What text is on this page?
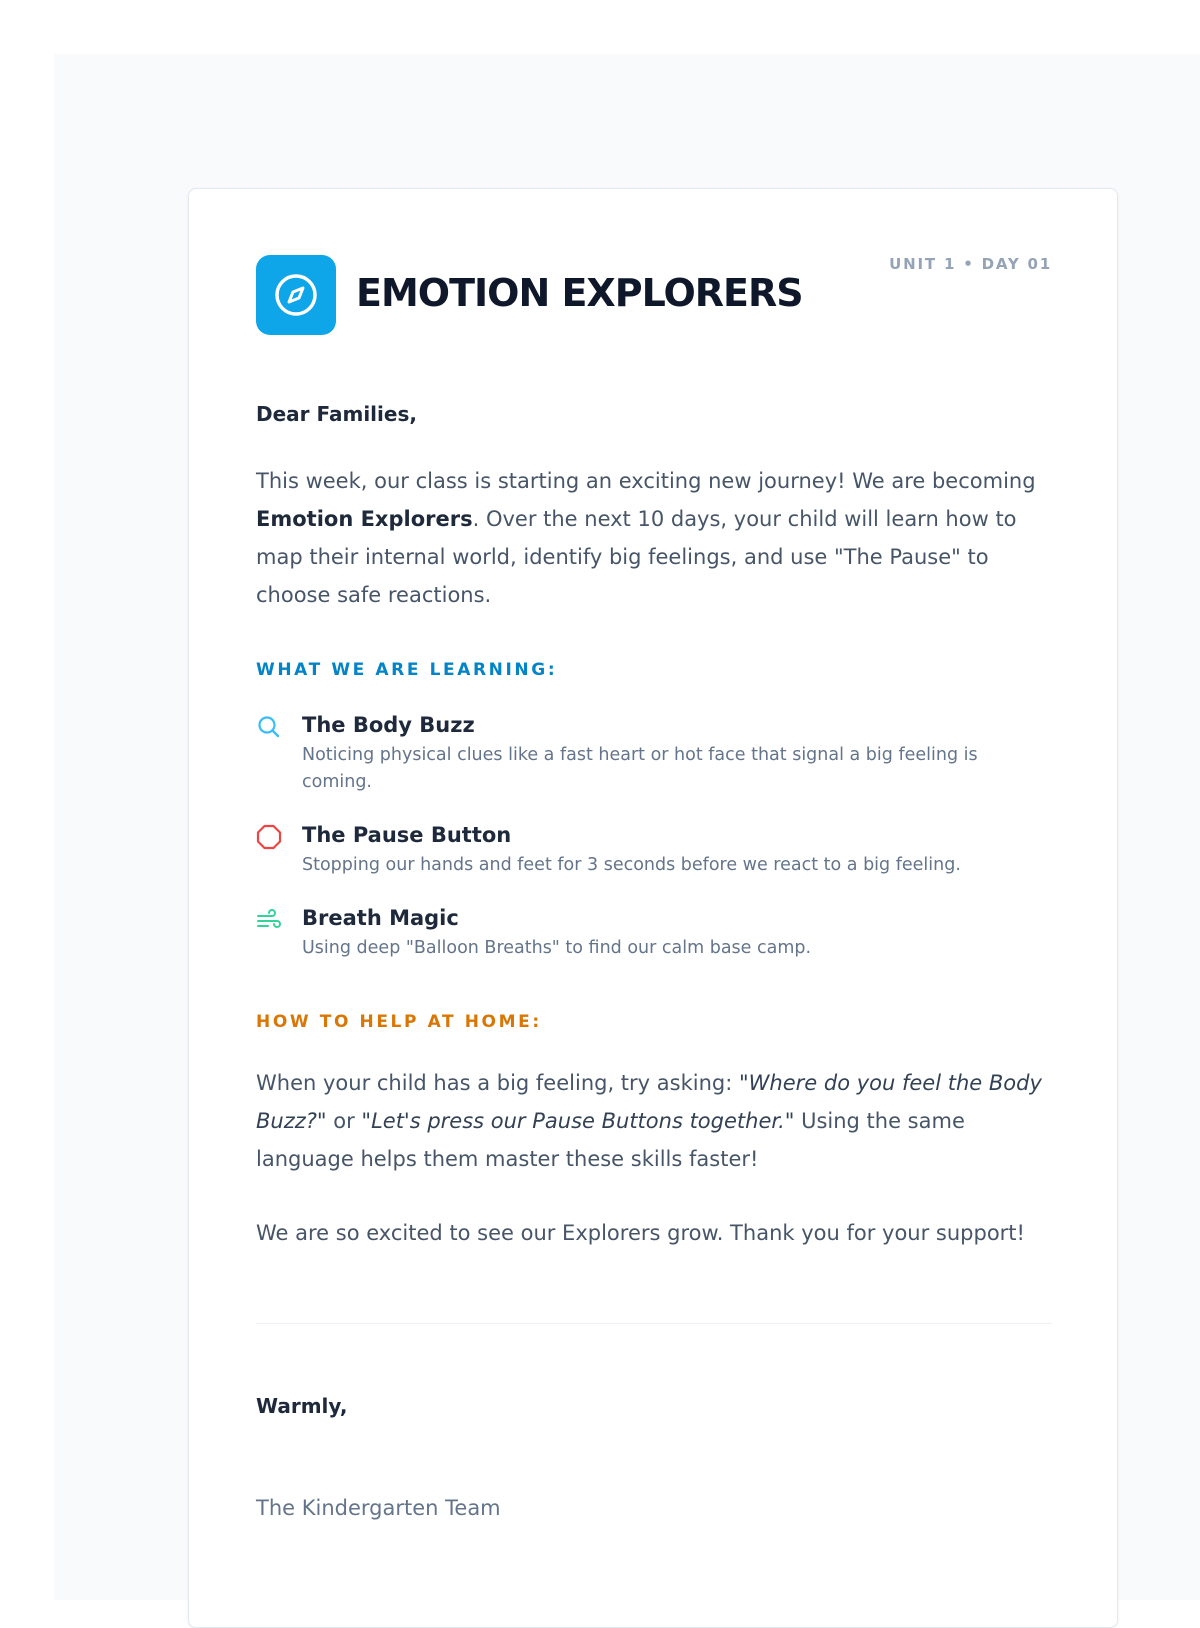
EMOTION EXPLORERS
UNIT 1 • DAY 01
Dear Families,
This week, our class is starting an exciting new journey! We are becoming Emotion Explorers. Over the next 10 days, your child will learn how to map their internal world, identify big feelings, and use "The Pause" to choose safe reactions.
WHAT WE ARE LEARNING:
The Body Buzz
Noticing physical clues like a fast heart or hot face that signal a big feeling is coming.
The Pause Button
Stopping our hands and feet for 3 seconds before we react to a big feeling.
Breath Magic
Using deep "Balloon Breaths" to find our calm base camp.
HOW TO HELP AT HOME:
When your child has a big feeling, try asking: "Where do you feel the Body Buzz?" or "Let's press our Pause Buttons together." Using the same language helps them master these skills faster!
We are so excited to see our Explorers grow. Thank you for your support!
Warmly,
The Kindergarten Team
